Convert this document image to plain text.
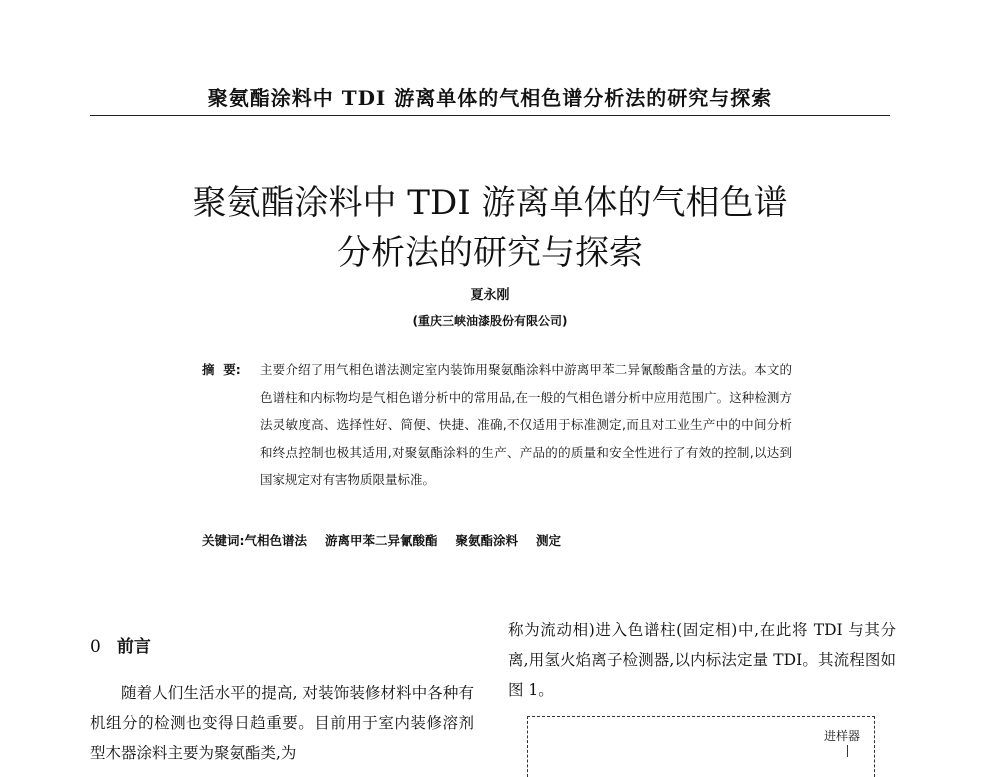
聚氨酯涂料中 TDI 游离单体的气相色谱分析法的研究与探索
聚氨酯涂料中 TDI 游离单体的气相色谱
分析法的研究与探索
夏永刚
(重庆三峡油漆股份有限公司)
摘  要: 主要介绍了用气相色谱法测定室内装饰用聚氨酯涂料中游离甲苯二异氰酸酯含量的方法。本文的色谱柱和内标物均是气相色谱分析中的常用品,在一般的气相色谱分析中应用范围广。这种检测方法灵敏度高、选择性好、简便、快捷、准确,不仅适用于标准测定,而且对工业生产中的中间分析和终点控制也极其适用,对聚氨酯涂料的生产、产品的的质量和安全性进行了有效的控制,以达到国家规定对有害物质限量标准。
关键词:气相色谱法 游离甲苯二异氰酸酯 聚氨酯涂料 测定
0 前言
随着人们生活水平的提高, 对装饰装修材料中各种有机组分的检测也变得日趋重要。目前用于室内装修溶剂型木器涂料主要为聚氨酯类,为
称为流动相)进入色谱柱(固定相)中,在此将 TDI 与其分离,用氢火焰离子检测器,以内标法定量 TDI。其流程图如图 1。
进样器
